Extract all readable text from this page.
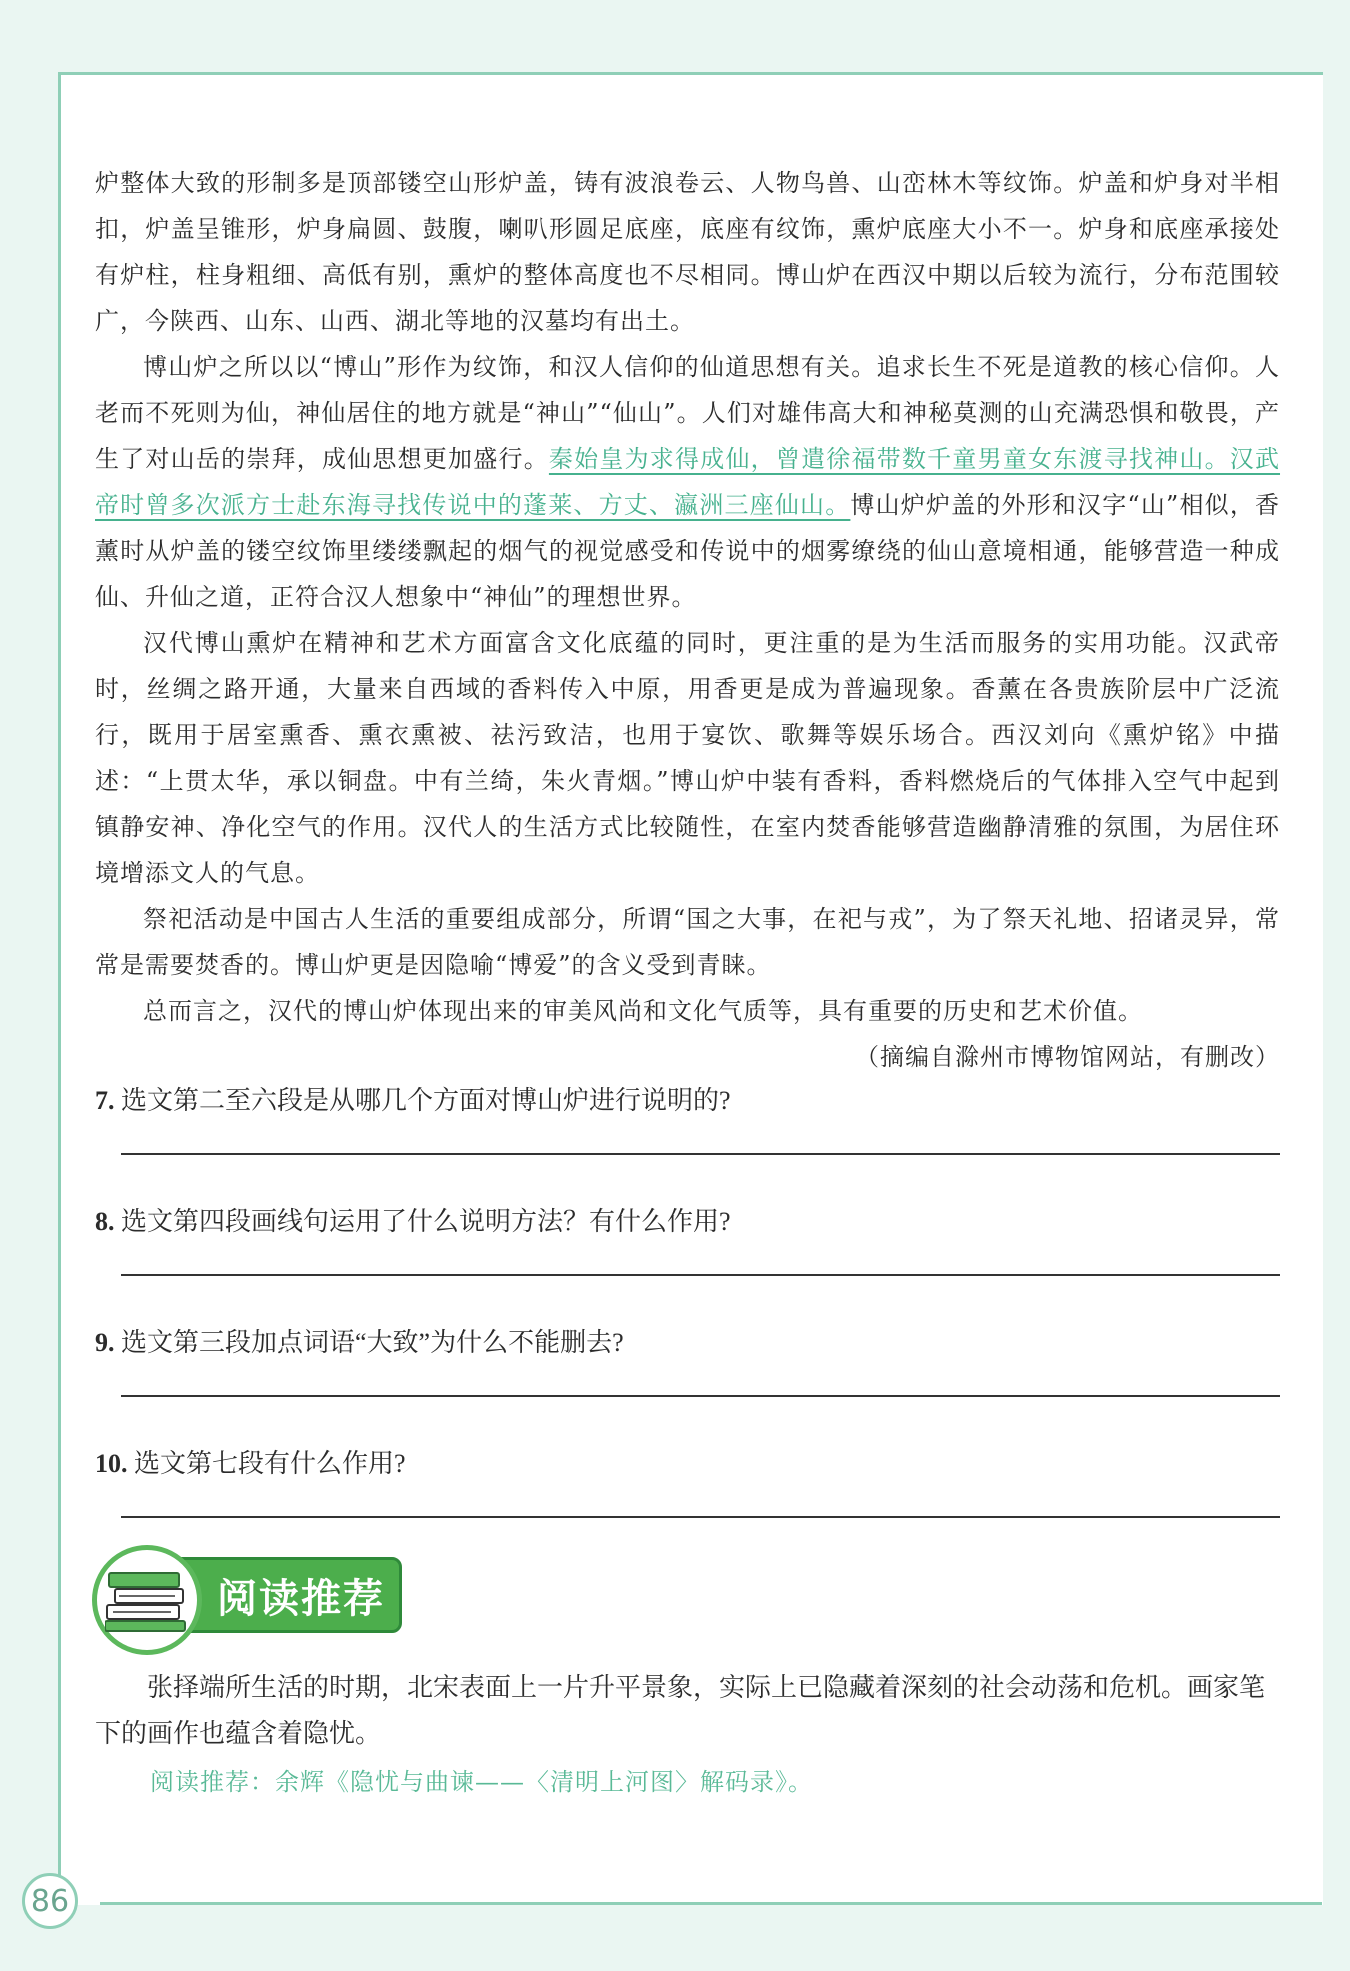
炉整体大致的形制多是顶部镂空山形炉盖，铸有波浪卷云、人物鸟兽、山峦林木等纹饰。炉盖和炉身对半相扣，炉盖呈锥形，炉身扁圆、鼓腹，喇叭形圆足底座，底座有纹饰，熏炉底座大小不一。炉身和底座承接处有炉柱，柱身粗细、高低有别，熏炉的整体高度也不尽相同。博山炉在西汉中期以后较为流行，分布范围较广，今陕西、山东、山西、湖北等地的汉墓均有出土。

博山炉之所以以“博山”形作为纹饰，和汉人信仰的仙道思想有关。追求长生不死是道教的核心信仰。人老而不死则为仙，神仙居住的地方就是“神山”“仙山”。人们对雄伟高大和神秘莫测的山充满恐惧和敬畏，产生了对山岳的崇拜，成仙思想更加盛行。秦始皇为求得成仙，曾遣徐福带数千童男童女东渡寻找神山。汉武帝时曾多次派方士赴东海寻找传说中的蓬莱、方丈、瀛洲三座仙山。博山炉炉盖的外形和汉字“山”相似，香薰时从炉盖的镂空纹饰里缕缕飘起的烟气的视觉感受和传说中的烟雾缭绕的仙山意境相通，能够营造一种成仙、升仙之道，正符合汉人想象中“神仙”的理想世界。

汉代博山熏炉在精神和艺术方面富含文化底蕴的同时，更注重的是为生活而服务的实用功能。汉武帝时，丝绸之路开通，大量来自西域的香料传入中原，用香更是成为普遍现象。香薰在各贵族阶层中广泛流行，既用于居室熏香、熏衣熏被、祛污致洁，也用于宴饮、歌舞等娱乐场合。西汉刘向《熏炉铭》中描述：“上贯太华，承以铜盘。中有兰绮，朱火青烟。”博山炉中装有香料，香料燃烧后的气体排入空气中起到镇静安神、净化空气的作用。汉代人的生活方式比较随性，在室内焚香能够营造幽静清雅的氛围，为居住环境增添文人的气息。

祭祀活动是中国古人生活的重要组成部分，所谓“国之大事，在祀与戎”，为了祭天礼地、招诸灵异，常常是需要焚香的。博山炉更是因隐喻“博爱”的含义受到青睐。

总而言之，汉代的博山炉体现出来的审美风尚和文化气质等，具有重要的历史和艺术价值。

（摘编自滁州市博物馆网站，有删改）

7. 选文第二至六段是从哪几个方面对博山炉进行说明的?

8. 选文第四段画线句运用了什么说明方法？有什么作用?

9. 选文第三段加点词语“大致”为什么不能删去?

10. 选文第七段有什么作用?

阅读推荐

张择端所生活的时期，北宋表面上一片升平景象，实际上已隐藏着深刻的社会动荡和危机。画家笔下的画作也蕴含着隐忧。

阅读推荐：余辉《隐忧与曲谏——〈清明上河图〉解码录》。

86
